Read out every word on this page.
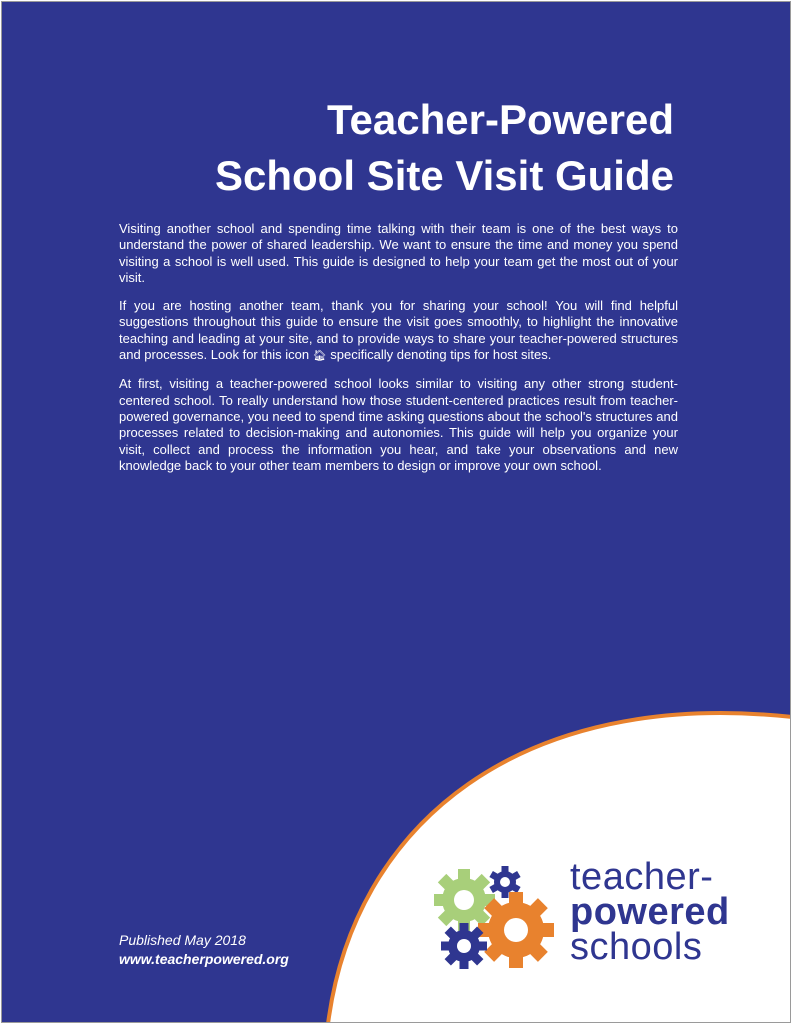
Teacher-Powered
School Site Visit Guide

Visiting another school and spending time talking with their team is one of the best ways to understand the power of shared leadership. We want to ensure the time and money you spend visiting a school is well used. This guide is designed to help your team get the most out of your visit.

If you are hosting another team, thank you for sharing your school! You will find helpful suggestions throughout this guide to ensure the visit goes smoothly, to highlight the innovative teaching and leading at your site, and to provide ways to share your teacher-powered structures and processes. Look for this icon 🏠︎ specifically denoting tips for host sites.

At first, visiting a teacher-powered school looks similar to visiting any other strong student-centered school. To really understand how those student-centered practices result from teacher-powered governance, you need to spend time asking questions about the school's structures and processes related to decision-making and autonomies. This guide will help you organize your visit, collect and process the information you hear, and take your observations and new knowledge back to your other team members to design or improve your own school.

Published May 2018
www.teacherpowered.org
teacher-
powered
schools
